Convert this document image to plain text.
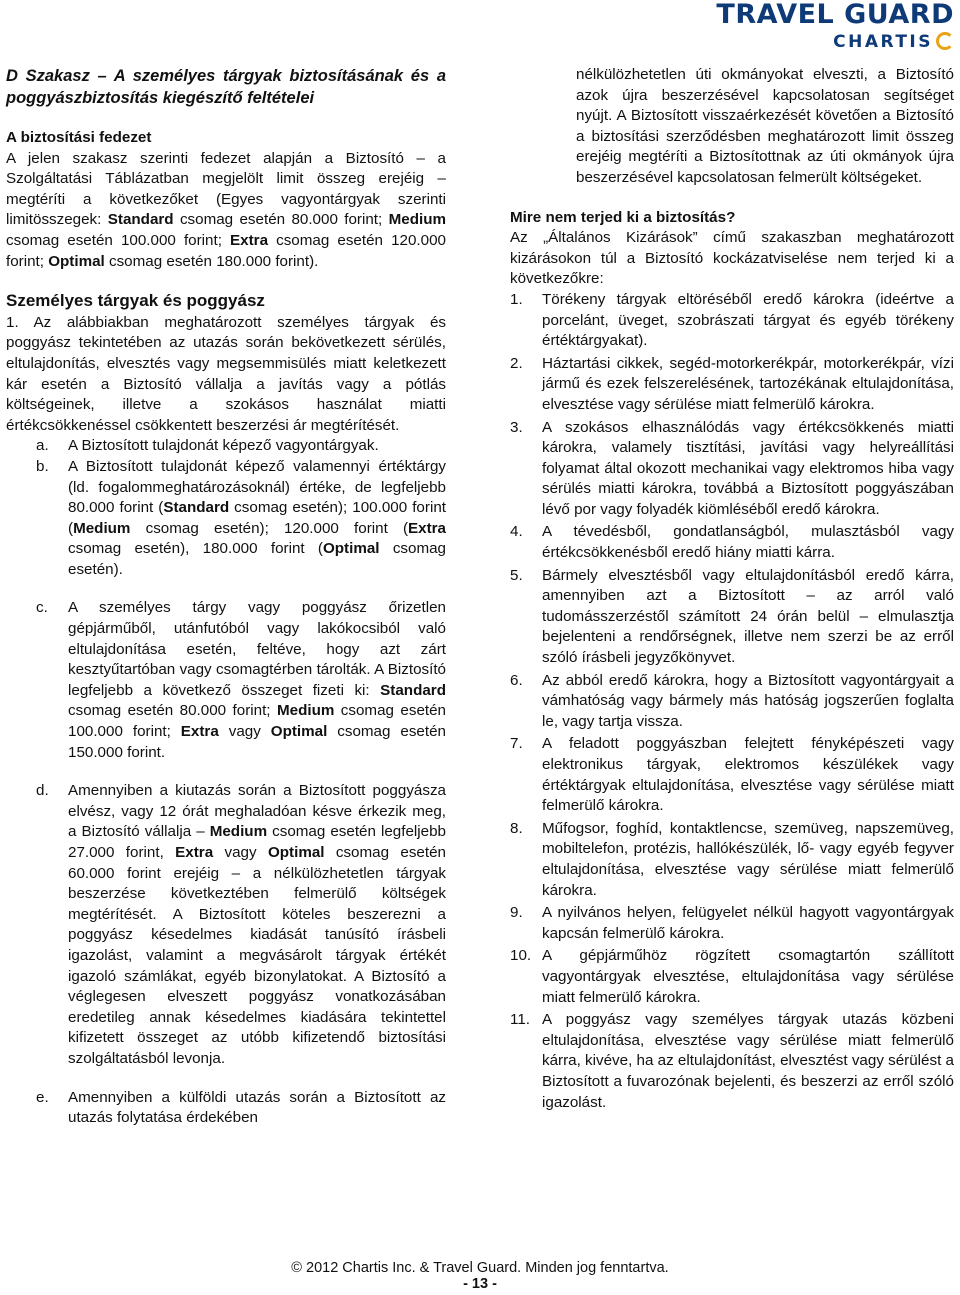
TRAVEL GUARD
CHARTIS

D Szakasz – A személyes tárgyak biztosításának és a poggyászbiztosítás kiegészítő feltételei

A biztosítási fedezet

A jelen szakasz szerinti fedezet alapján a Biztosító – a Szolgáltatási Táblázatban megjelölt limit összeg erejéig – megtéríti a következőket (Egyes vagyontárgyak szerinti limitösszegek: Standard csomag esetén 80.000 forint; Medium csomag esetén 100.000 forint; Extra csomag esetén 120.000 forint; Optimal csomag esetén 180.000 forint).

Személyes tárgyak és poggyász

1. Az alábbiakban meghatározott személyes tárgyak és poggyász tekintetében az utazás során bekövetkezett sérülés, eltulajdonítás, elvesztés vagy megsemmisülés miatt keletkezett kár esetén a Biztosító vállalja a javítás vagy a pótlás költségeinek, illetve a szokásos használat miatti értékcsökkenéssel csökkentett beszerzési ár megtérítését.

a. A Biztosított tulajdonát képező vagyontárgyak.
b. A Biztosított tulajdonát képező valamennyi értéktárgy (ld. fogalommeghatározásoknál) értéke, de legfeljebb 80.000 forint (Standard csomag esetén); 100.000 forint (Medium csomag esetén); 120.000 forint (Extra csomag esetén), 180.000 forint (Optimal csomag esetén).
c. A személyes tárgy vagy poggyász őrizetlen gépjárműből, utánfutóból vagy lakókocsiból való eltulajdonítása esetén, feltéve, hogy azt zárt kesztyűtartóban vagy csomagtérben tárolták. A Biztosító legfeljebb a következő összeget fizeti ki: Standard csomag esetén 80.000 forint; Medium csomag esetén 100.000 forint; Extra vagy Optimal csomag esetén 150.000 forint.
d. Amennyiben a kiutazás során a Biztosított poggyásza elvész, vagy 12 órát meghaladóan késve érkezik meg, a Biztosító vállalja – Medium csomag esetén legfeljebb 27.000 forint, Extra vagy Optimal csomag esetén 60.000 forint erejéig – a nélkülözhetetlen tárgyak beszerzése következtében felmerülő költségek megtérítését. A Biztosított köteles beszerezni a poggyász késedelmes kiadását tanúsító írásbeli igazolást, valamint a megvásárolt tárgyak értékét igazoló számlákat, egyéb bizonylatokat. A Biztosító a véglegesen elveszett poggyász vonatkozásában eredetileg annak késedelmes kiadására tekintettel kifizetett összeget az utóbb kifizetendő biztosítási szolgáltatásból levonja.
e. Amennyiben a külföldi utazás során a Biztosított az utazás folytatása érdekében

nélkülözhetetlen úti okmányokat elveszti, a Biztosító azok újra beszerzésével kapcsolatosan segítséget nyújt. A Biztosított visszaérkezését követően a Biztosító a biztosítási szerződésben meghatározott limit összeg erejéig megtéríti a Biztosítottnak az úti okmányok újra beszerzésével kapcsolatosan felmerült költségeket.

Mire nem terjed ki a biztosítás?

Az „Általános Kizárások” című szakaszban meghatározott kizárásokon túl a Biztosító kockázatviselése nem terjed ki a következőkre:

1. Törékeny tárgyak eltöréséből eredő károkra (ideértve a porcelánt, üveget, szobrászati tárgyat és egyéb törékeny értéktárgyakat).
2. Háztartási cikkek, segéd-motorkerékpár, motorkerékpár, vízi jármű és ezek felszerelésének, tartozékának eltulajdonítása, elvesztése vagy sérülése miatt felmerülő károkra.
3. A szokásos elhasználódás vagy értékcsökkenés miatti károkra, valamely tisztítási, javítási vagy helyreállítási folyamat által okozott mechanikai vagy elektromos hiba vagy sérülés miatti károkra, továbbá a Biztosított poggyászában lévő por vagy folyadék kiömléséből eredő károkra.
4. A tévedésből, gondatlanságból, mulasztásból vagy értékcsökkenésből eredő hiány miatti kárra.
5. Bármely elvesztésből vagy eltulajdonításból eredő kárra, amennyiben azt a Biztosított – az arról való tudomásszerzéstől számított 24 órán belül – elmulasztja bejelenteni a rendőrségnek, illetve nem szerzi be az erről szóló írásbeli jegyzőkönyvet.
6. Az abból eredő károkra, hogy a Biztosított vagyontárgyait a vámhatóság vagy bármely más hatóság jogszerűen foglalta le, vagy tartja vissza.
7. A feladott poggyászban felejtett fényképészeti vagy elektronikus tárgyak, elektromos készülékek vagy értéktárgyak eltulajdonítása, elvesztése vagy sérülése miatt felmerülő károkra.
8. Műfogsor, foghíd, kontaktlencse, szemüveg, napszemüveg, mobiltelefon, protézis, hallókészülék, lő- vagy egyéb fegyver eltulajdonítása, elvesztése vagy sérülése miatt felmerülő károkra.
9. A nyilvános helyen, felügyelet nélkül hagyott vagyontárgyak kapcsán felmerülő károkra.
10. A gépjárműhöz rögzített csomagtartón szállított vagyontárgyak elvesztése, eltulajdonítása vagy sérülése miatt felmerülő károkra.
11. A poggyász vagy személyes tárgyak utazás közbeni eltulajdonítása, elvesztése vagy sérülése miatt felmerülő kárra, kivéve, ha az eltulajdonítást, elvesztést vagy sérülést a Biztosított a fuvarozónak bejelenti, és beszerzi az erről szóló igazolást.
© 2012 Chartis Inc. & Travel Guard. Minden jog fenntartva.
- 13 -
